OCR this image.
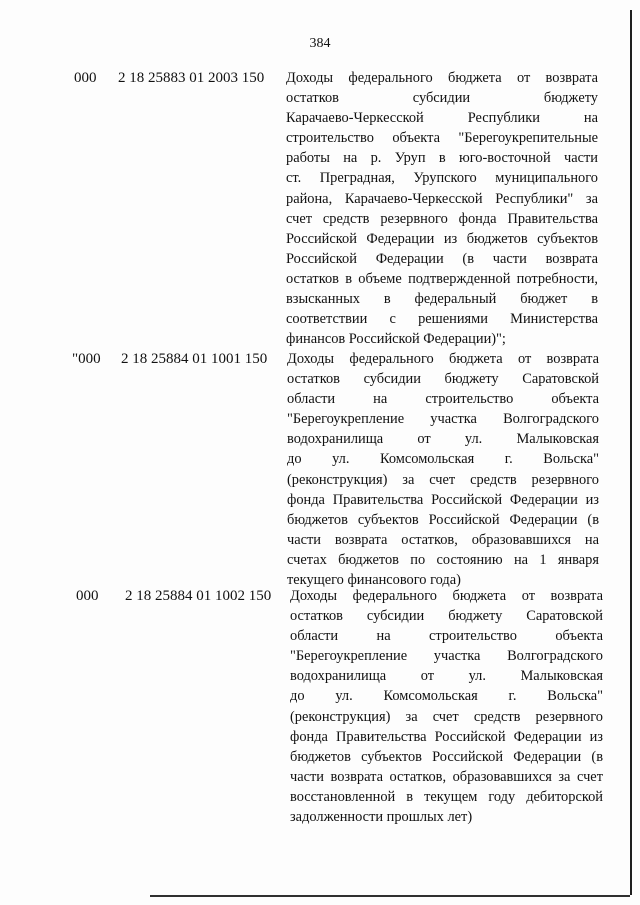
384
000 2 18 25883 01 2003 150 Доходы федерального бюджета от возврата
остатков субсидии бюджету
Карачаево-Черкесской Республики на
строительство объекта "Берегоукрепительные
работы на р. Уруп в юго-восточной части
ст. Преградная, Урупского муниципального
района, Карачаево-Черкесской Республики" за
счет средств резервного фонда Правительства
Российской Федерации из бюджетов субъектов
Российской Федерации (в части возврата
остатков в объеме подтвержденной потребности,
взысканных в федеральный бюджет в
соответствии с решениями Министерства
финансов Российской Федерации)";
"000 2 18 25884 01 1001 150 Доходы федерального бюджета от возврата
остатков субсидии бюджету Саратовской
области на строительство объекта
"Берегоукрепление участка Волгоградского
водохранилища от ул. Малыковская
до ул. Комсомольская г. Вольска"
(реконструкция) за счет средств резервного
фонда Правительства Российской Федерации из
бюджетов субъектов Российской Федерации (в
части возврата остатков, образовавшихся на
счетах бюджетов по состоянию на 1 января
текущего финансового года)
000 2 18 25884 01 1002 150 Доходы федерального бюджета от возврата
остатков субсидии бюджету Саратовской
области на строительство объекта
"Берегоукрепление участка Волгоградского
водохранилища от ул. Малыковская
до ул. Комсомольская г. Вольска"
(реконструкция) за счет средств резервного
фонда Правительства Российской Федерации из
бюджетов субъектов Российской Федерации (в
части возврата остатков, образовавшихся за счет
восстановленной в текущем году дебиторской
задолженности прошлых лет)
